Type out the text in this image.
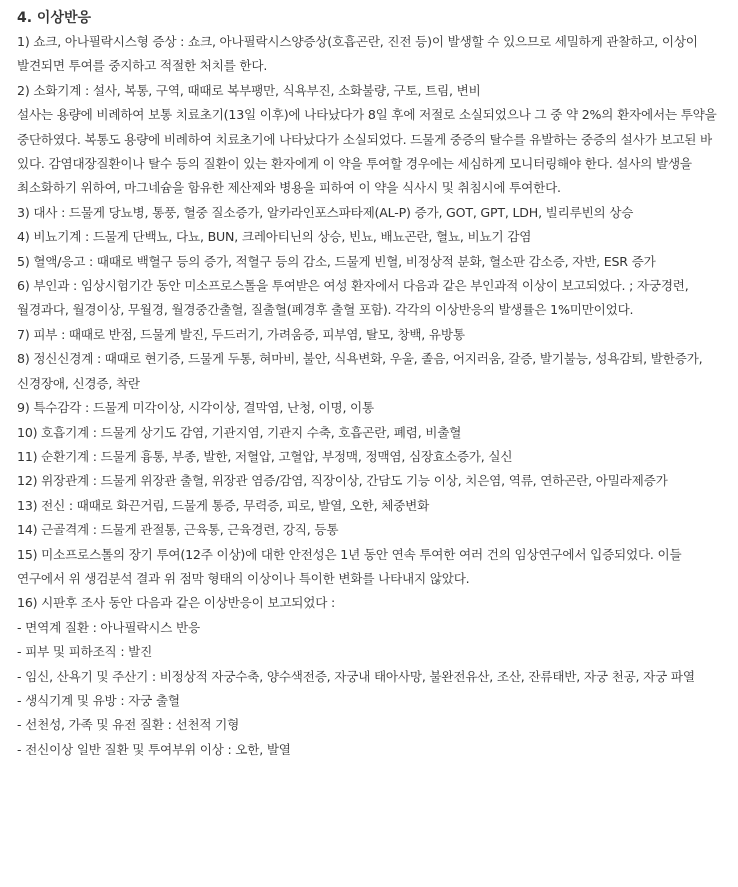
4. 이상반응

1) 쇼크, 아나필락시스형 증상 : 쇼크, 아나필락시스양증상(호흡곤란, 진전 등)이 발생할 수 있으므로 세밀하게 관찰하고, 이상이 발견되면 투여를 중지하고 적절한 처치를 한다.

2) 소화기계 : 설사, 복통, 구역, 때때로 복부팽만, 식욕부진, 소화불량, 구토, 트림, 변비

설사는 용량에 비례하여 보통 치료초기(13일 이후)에 나타났다가 8일 후에 저절로 소실되었으나 그 중 약 2%의 환자에서는 투약을 중단하였다. 복통도 용량에 비례하여 치료초기에 나타났다가 소실되었다. 드물게 중증의 탈수를 유발하는 중증의 설사가 보고된 바 있다. 감염대장질환이나 탈수 등의 질환이 있는 환자에게 이 약을 투여할 경우에는 세심하게 모니터링해야 한다. 설사의 발생을 최소화하기 위하여, 마그네슘을 함유한 제산제와 병용을 피하여 이 약을 식사시 및 취침시에 투여한다.

3) 대사 : 드물게 당뇨병, 통풍, 혈중 질소증가, 알카라인포스파타제(AL-P) 증가, GOT, GPT, LDH, 빌리루빈의 상승

4) 비뇨기계 : 드물게 단백뇨, 다뇨, BUN, 크레아티닌의 상승, 빈뇨, 배뇨곤란, 혈뇨, 비뇨기 감염

5) 혈액/응고 : 때때로 백혈구 등의 증가, 적혈구 등의 감소, 드물게 빈혈, 비정상적 분화, 혈소판 감소증, 자반, ESR 증가

6) 부인과 : 임상시험기간 동안 미소프로스톨을 투여받은 여성 환자에서 다음과 같은 부인과적 이상이 보고되었다. ; 자궁경련, 월경과다, 월경이상, 무월경, 월경중간출혈, 질출혈(폐경후 출혈 포함). 각각의 이상반응의 발생률은 1%미만이었다.

7) 피부 : 때때로 반점, 드물게 발진, 두드러기, 가려움증, 피부염, 탈모, 창백, 유방통

8) 정신신경계 : 때때로 현기증, 드물게 두통, 혀마비, 불안, 식욕변화, 우울, 졸음, 어지러움, 갈증, 발기불능, 성욕감퇴, 발한증가, 신경장애, 신경증, 착란

9) 특수감각 : 드물게 미각이상, 시각이상, 결막염, 난청, 이명, 이통

10) 호흡기계 : 드물게 상기도 감염, 기관지염, 기관지 수축, 호흡곤란, 폐렴, 비출혈

11) 순환기계 : 드물게 흉통, 부종, 발한, 저혈압, 고혈압, 부정맥, 정맥염, 심장효소증가, 실신

12) 위장관계 : 드물게 위장관 출혈, 위장관 염증/감염, 직장이상, 간담도 기능 이상, 치은염, 역류, 연하곤란, 아밀라제증가

13) 전신 : 때때로 화끈거림, 드물게 통증, 무력증, 피로, 발열, 오한, 체중변화

14) 근골격계 : 드물게 관절통, 근육통, 근육경련, 강직, 등통

15) 미소프로스톨의 장기 투여(12주 이상)에 대한 안전성은 1년 동안 연속 투여한 여러 건의 임상연구에서 입증되었다. 이들 연구에서 위 생검분석 결과 위 점막 형태의 이상이나 특이한 변화를 나타내지 않았다.

16) 시판후 조사 동안 다음과 같은 이상반응이 보고되었다 :

- 면역계 질환 : 아나필락시스 반응

- 피부 및 피하조직 : 발진

- 임신, 산욕기 및 주산기 : 비정상적 자궁수축, 양수색전증, 자궁내 태아사망, 불완전유산, 조산, 잔류태반, 자궁 천공, 자궁 파열

- 생식기계 및 유방 : 자궁 출혈

- 선천성, 가족 및 유전 질환 : 선천적 기형

- 전신이상 일반 질환 및 투여부위 이상 : 오한, 발열
